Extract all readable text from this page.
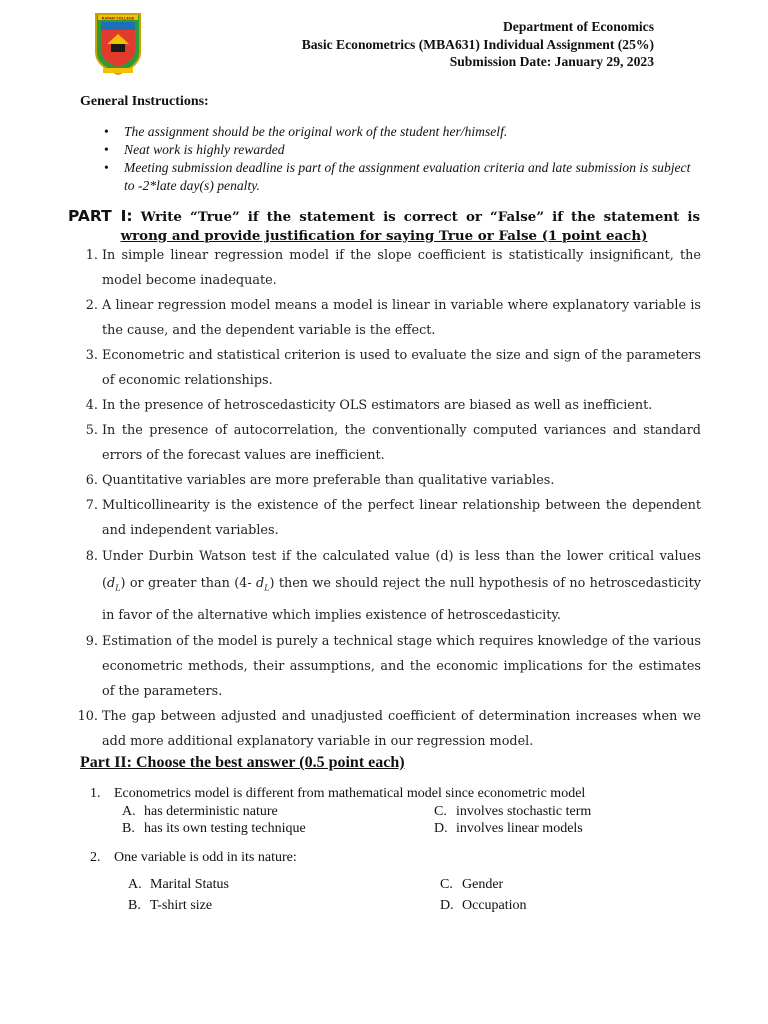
RAYAN COLLEGE
Department of Economics
Basic Econometrics (MBA631) Individual Assignment (25%)
Submission Date: January 29, 2023
General Instructions:
• The assignment should be the original work of the student her/himself.
• Neat work is highly rewarded
• Meeting submission deadline is part of the assignment evaluation criteria and late submission is subject to -2*late day(s) penalty.
PART I: Write “True” if the statement is correct or “False” if the statement is wrong and provide justification for saying True or False (1 point each)
1. In simple linear regression model if the slope coefficient is statistically insignificant, the model become inadequate.
2. A linear regression model means a model is linear in variable where explanatory variable is the cause, and the dependent variable is the effect.
3. Econometric and statistical criterion is used to evaluate the size and sign of the parameters of economic relationships.
4. In the presence of hetroscedasticity OLS estimators are biased as well as inefficient.
5. In the presence of autocorrelation, the conventionally computed variances and standard errors of the forecast values are inefficient.
6. Quantitative variables are more preferable than qualitative variables.
7. Multicollinearity is the existence of the perfect linear relationship between the dependent and independent variables.
8. Under Durbin Watson test if the calculated value (d) is less than the lower critical values $(d_L)$ or greater than (4- $d_L$) then we should reject the null hypothesis of no hetroscedasticity in favor of the alternative which implies existence of hetroscedasticity.
9. Estimation of the model is purely a technical stage which requires knowledge of the various econometric methods, their assumptions, and the economic implications for the estimates of the parameters.
10. The gap between adjusted and unadjusted coefficient of determination increases when we add more additional explanatory variable in our regression model.
Part II: Choose the best answer (0.5 point each)
1. Econometrics model is different from mathematical model since econometric model
A. has deterministic nature	C. involves stochastic term
B. has its own testing technique	D. involves linear models
2. One variable is odd in its nature:
A. Marital Status	C. Gender
B. T-shirt size	D. Occupation
